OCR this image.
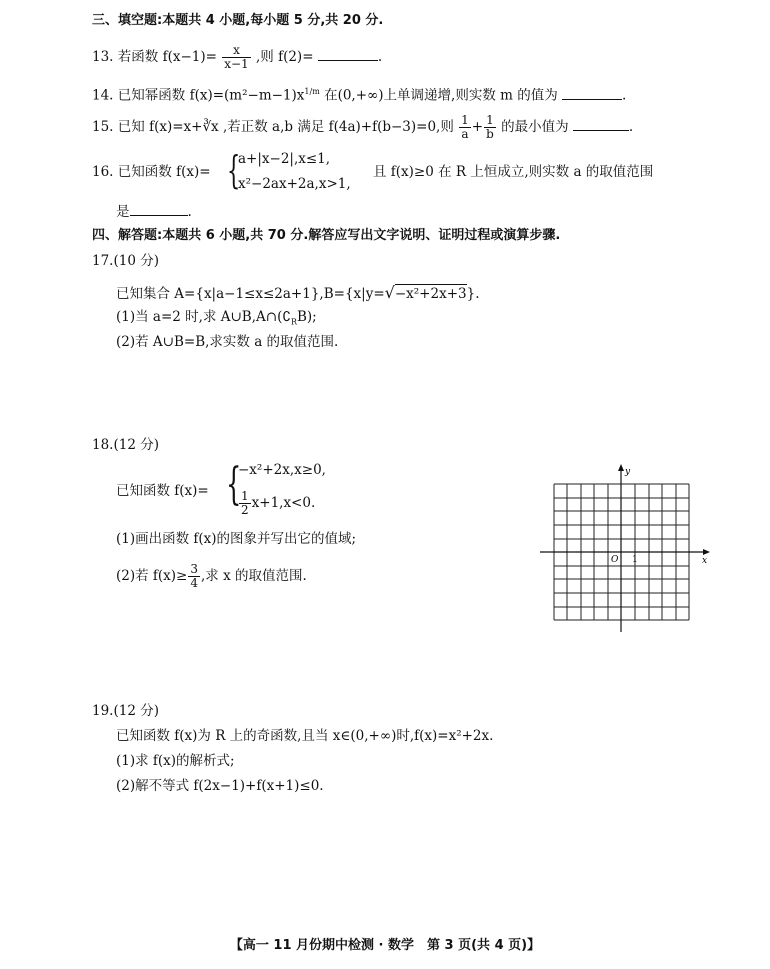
三、填空题:本题共 4 小题,每小题 5 分,共 20 分.
13. 若函数 $f(x-1)= \frac{x}{x-1}$ ,则 f(2)=	.
14. 已知幂函数 $f(x)=(m^2-m-1)x^{1/m}$ 在(0,+∞)上单调递增,则实数 m 的值为	.
15. 已知 f(x)=x+∛x ,若正数 a,b 满足 f(4a)+f(b−3)=0,则 $\frac{1}{a} + \frac{1}{b}$ 的最小值为	.
16. 已知函数 f(x)= {
a+|x−2|,x≤1,
x²−2ax+2a,x>1,
且 f(x)≥0 在 R 上恒成立,则实数 a 的取值范围
是	.
四、解答题:本题共 6 小题,共 70 分.解答应写出文字说明、证明过程或演算步骤.
17.(10 分)
已知集合 A={x|a−1≤x≤2a+1},B={x|y=√−x²+2x+3}.
(1)当 a=2 时,求 $A\cup B,A\cap(∁_RB)$;
(2)若 A∪B=B,求实数 a 的取值范围.
18.(12 分)
已知函数 f(x)= {
−x²+2x,x≥0,
$\frac{1}{2} x+1,x<0$.
(1)画出函数 f(x)的图象并写出它的值域;
(2)若 $f(x)\ge \frac{3}{4}$ ,求 x 的取值范围.
y
x
O 1
19.(12 分)
已知函数 f(x)为 R 上的奇函数,且当 x∈(0,+∞)时,f(x)=x²+2x.
(1)求 f(x)的解析式;
(2)解不等式 f(2x−1)+f(x+1)≤0.
【高一 11 月份期中检测 · 数学　第 3 页(共 4 页)】
